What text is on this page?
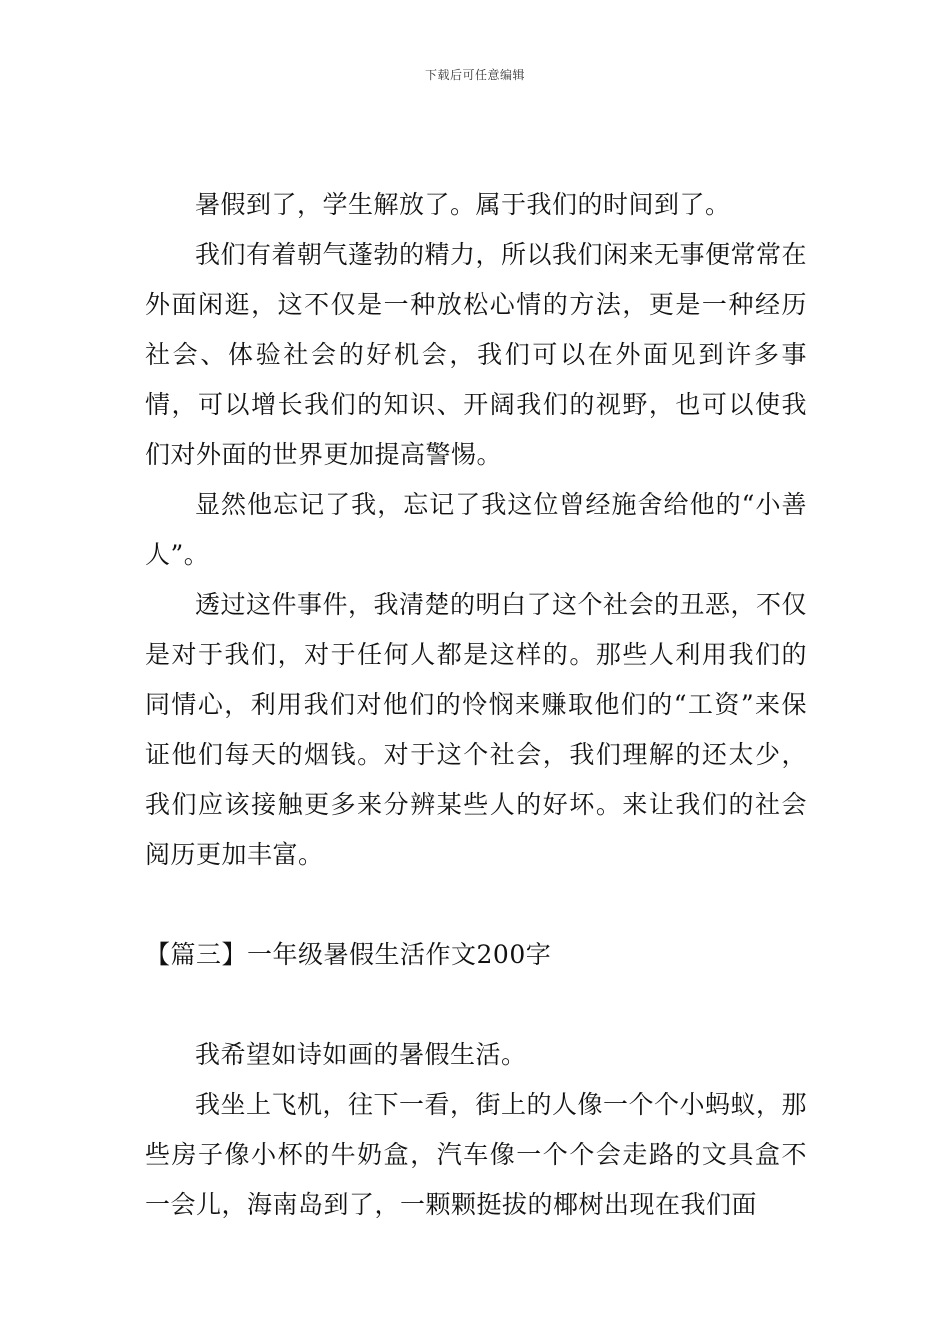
下载后可任意编辑

暑假到了，学生解放了。属于我们的时间到了。

我们有着朝气蓬勃的精力，所以我们闲来无事便常常在外面闲逛，这不仅是一种放松心情的方法，更是一种经历社会、体验社会的好机会，我们可以在外面见到许多事情，可以增长我们的知识、开阔我们的视野，也可以使我们对外面的世界更加提高警惕。

显然他忘记了我，忘记了我这位曾经施舍给他的“小善人”。

透过这件事件，我清楚的明白了这个社会的丑恶，不仅是对于我们，对于任何人都是这样的。那些人利用我们的同情心，利用我们对他们的怜悯来赚取他们的“工资”来保证他们每天的烟钱。对于这个社会，我们理解的还太少，我们应该接触更多来分辨某些人的好坏。来让我们的社会阅历更加丰富。

【篇三】一年级暑假生活作文200字

我希望如诗如画的暑假生活。

我坐上飞机，往下一看，街上的人像一个个小蚂蚁，那些房子像小杯的牛奶盒，汽车像一个个会走路的文具盒不一会儿，海南岛到了，一颗颗挺拔的椰树出现在我们面
